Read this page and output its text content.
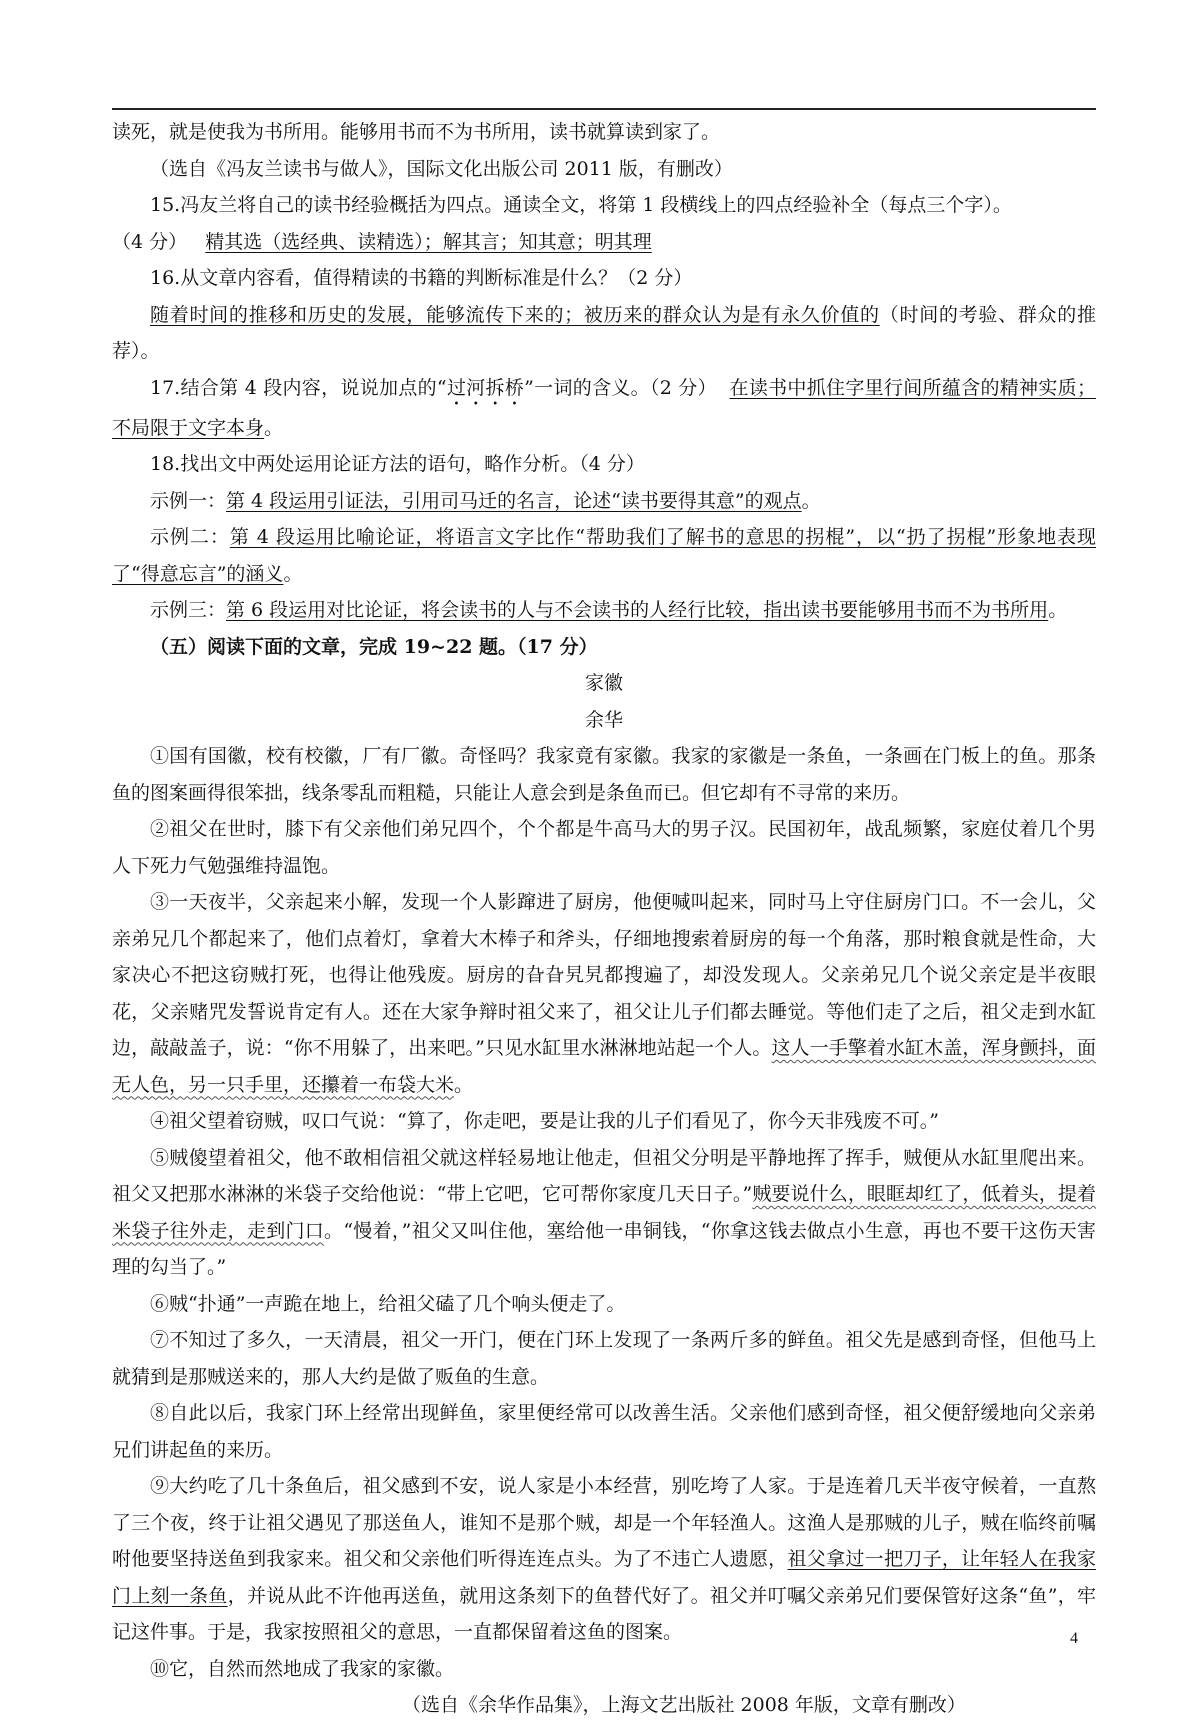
读死，就是使我为书所用。能够用书而不为书所用，读书就算读到家了。

（选自《冯友兰读书与做人》，国际文化出版公司 2011 版，有删改）

15.冯友兰将自己的读书经验概括为四点。通读全文，将第 1 段横线上的四点经验补全（每点三个字）。
（4 分） 精其选（选经典、读精选）；解其言；知其意；明其理

16.从文章内容看，值得精读的书籍的判断标准是什么？（2 分）

随着时间的推移和历史的发展，能够流传下来的；被历来的群众认为是有永久价值的（时间的考验、群众的推荐）。

17.结合第 4 段内容，说说加点的“过河拆桥”一词的含义。（2 分） 在读书中抓住字里行间所蕴含的精神实质；不局限于文字本身。

18.找出文中两处运用论证方法的语句，略作分析。（4 分）

示例一：第 4 段运用引证法，引用司马迁的名言，论述“读书要得其意”的观点。

示例二：第 4 段运用比喻论证，将语言文字比作“帮助我们了解书的意思的拐棍”，以“扔了拐棍”形象地表现了“得意忘言”的涵义。

示例三：第 6 段运用对比论证，将会读书的人与不会读书的人经行比较，指出读书要能够用书而不为书所用。

（五）阅读下面的文章，完成 19~22 题。（17 分）

家徽

余华

①国有国徽，校有校徽，厂有厂徽。奇怪吗？我家竟有家徽。我家的家徽是一条鱼，一条画在门板上的鱼。那条鱼的图案画得很笨拙，线条零乱而粗糙，只能让人意会到是条鱼而已。但它却有不寻常的来历。

②祖父在世时，膝下有父亲他们弟兄四个，个个都是牛高马大的男子汉。民国初年，战乱频繁，家庭仗着几个男人下死力气勉强维持温饱。

③一天夜半，父亲起来小解，发现一个人影蹿进了厨房，他便喊叫起来，同时马上守住厨房门口。不一会儿，父亲弟兄几个都起来了，他们点着灯，拿着大木棒子和斧头，仔细地搜索着厨房的每一个角落，那时粮食就是性命，大家决心不把这窃贼打死，也得让他残废。厨房的旮旮旯旯都搜遍了，却没发现人。父亲弟兄几个说父亲定是半夜眼花，父亲赌咒发誓说肯定有人。还在大家争辩时祖父来了，祖父让儿子们都去睡觉。等他们走了之后，祖父走到水缸边，敲敲盖子，说：“你不用躲了，出来吧。”只见水缸里水淋淋地站起一个人。这人一手擎着水缸木盖，浑身颤抖，面无人色，另一只手里，还攥着一布袋大米。

④祖父望着窃贼，叹口气说：“算了，你走吧，要是让我的儿子们看见了，你今天非残废不可。”

⑤贼傻望着祖父，他不敢相信祖父就这样轻易地让他走，但祖父分明是平静地挥了挥手，贼便从水缸里爬出来。祖父又把那水淋淋的米袋子交给他说：“带上它吧，它可帮你家度几天日子。”贼要说什么，眼眶却红了，低着头，提着米袋子往外走，走到门口。“慢着，”祖父又叫住他，塞给他一串铜钱，“你拿这钱去做点小生意，再也不要干这伤天害理的勾当了。”

⑥贼“扑通”一声跪在地上，给祖父磕了几个响头便走了。

⑦不知过了多久，一天清晨，祖父一开门，便在门环上发现了一条两斤多的鲜鱼。祖父先是感到奇怪，但他马上就猜到是那贼送来的，那人大约是做了贩鱼的生意。

⑧自此以后，我家门环上经常出现鲜鱼，家里便经常可以改善生活。父亲他们感到奇怪，祖父便舒缓地向父亲弟兄们讲起鱼的来历。

⑨大约吃了几十条鱼后，祖父感到不安，说人家是小本经营，别吃垮了人家。于是连着几天半夜守候着，一直熬了三个夜，终于让祖父遇见了那送鱼人，谁知不是那个贼，却是一个年轻渔人。这渔人是那贼的儿子，贼在临终前嘱咐他要坚持送鱼到我家来。祖父和父亲他们听得连连点头。为了不违亡人遗愿，祖父拿过一把刀子，让年轻人在我家门上刻一条鱼，并说从此不许他再送鱼，就用这条刻下的鱼替代好了。祖父并叮嘱父亲弟兄们要保管好这条“鱼”，牢记这件事。于是，我家按照祖父的意思，一直都保留着这鱼的图案。

⑩它，自然而然地成了我家的家徽。

（选自《余华作品集》，上海文艺出版社 2008 年版，文章有删改）

4
